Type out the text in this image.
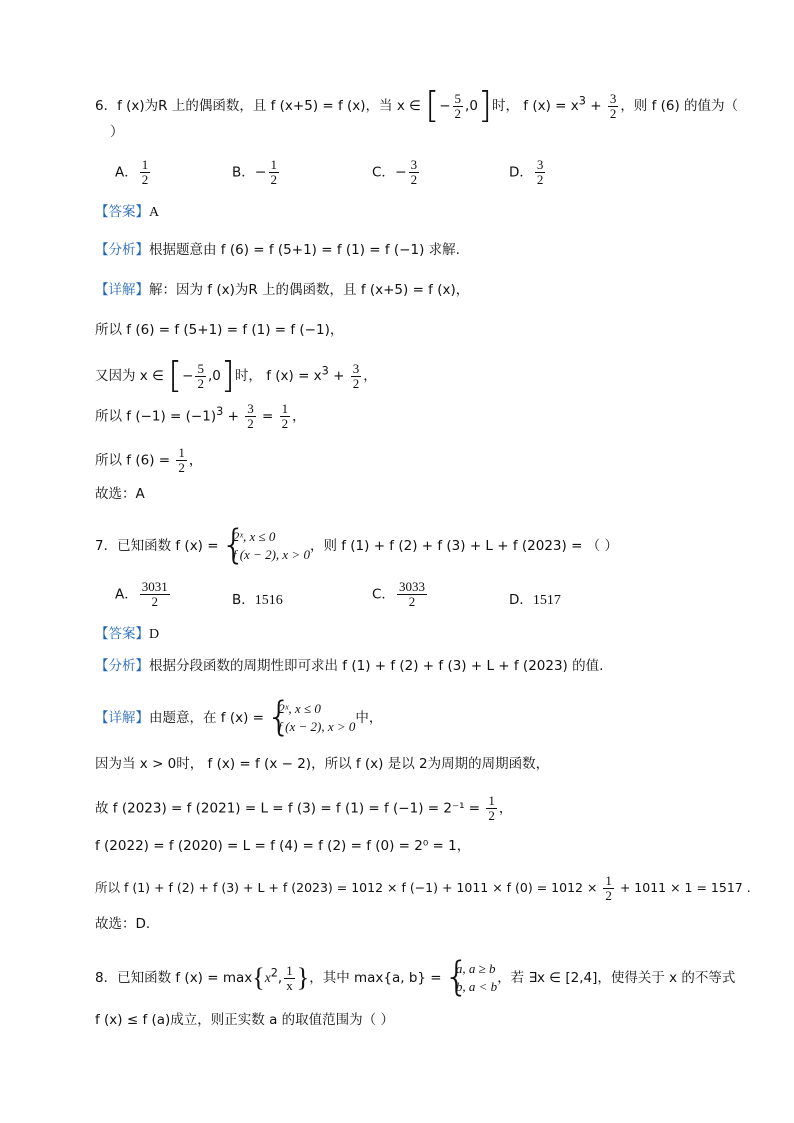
6．f (x)为R 上的偶函数，且 f (x+5) = f (x)，当 x ∈ [− $\frac{5}{2} ,0$]时， f $(x) = x^3 + \frac{3}{2}$ ，则 f (6) 的值为（
）
A． $\frac{1}{2}$	B．− $\frac{1}{2}$	C．− $\frac{3}{2}$	D． $\frac{3}{2}$
【答案】A
【分析】根据题意由 f (6) = f (5+1) = f (1) = f (−1) 求解.
【详解】解：因为 f (x)为R 上的偶函数，且 f (x+5) = f (x)，
所以 f (6) = f (5+1) = f (1) = f (−1)，
又因为 x ∈ [− $\frac{5}{2} ,0$]时， f $(x) = x^3 + \frac{3}{2}$ ，
所以 f $(-1) = (-1)^3 + \frac{3}{2} = \frac{1}{2}$ ，
所以 f $(6) = \frac{1}{2}$ ，
故选：A
7．已知函数 f (x) =
{ 2ˣ, x ≤ 0
f (x − 2), x > 0
，则 f (1) + f (2) + f (3) + L + f (2023) = （ ）
A． $\frac{3031}{2}$	B．1516	C． $\frac{3033}{2}$	D．1517
【答案】D
【分析】根据分段函数的周期性即可求出 f (1) + f (2) + f (3) + L + f (2023) 的值.
【详解】由题意，在 f (x) =
{ 2ˣ, x ≤ 0
f (x − 2), x > 0
中，
因为当 x > 0时， f (x) = f (x − 2)，所以 f (x) 是以 2为周期的周期函数，
故 f (2023) = f (2021) = L = f (3) = f (1) = f $(-1) = 2^{-1} = \frac{1}{2}$ ，
f (2022) = f (2020) = L = f (4) = f (2) = f (0) = 2⁰ = 1，
所以 f (1) + f (2) + f (3) + L + f (2023) = 1012 × f (−1) + 1011 × f $(0) = 1012 \times \frac{1}{2} + 1011 \times 1 = 1517$ .
故选：D.
8．已知函数 f $(x) = \max\{x^2$, $\frac{1}{x}$ }，其中 max{a, b} =
{ a, a ≥ b
b, a < b
，若 ∃x ∈ [2,4]，使得关于 x 的不等式
f (x) ≤ f (a)成立，则正实数 a 的取值范围为（ ）
